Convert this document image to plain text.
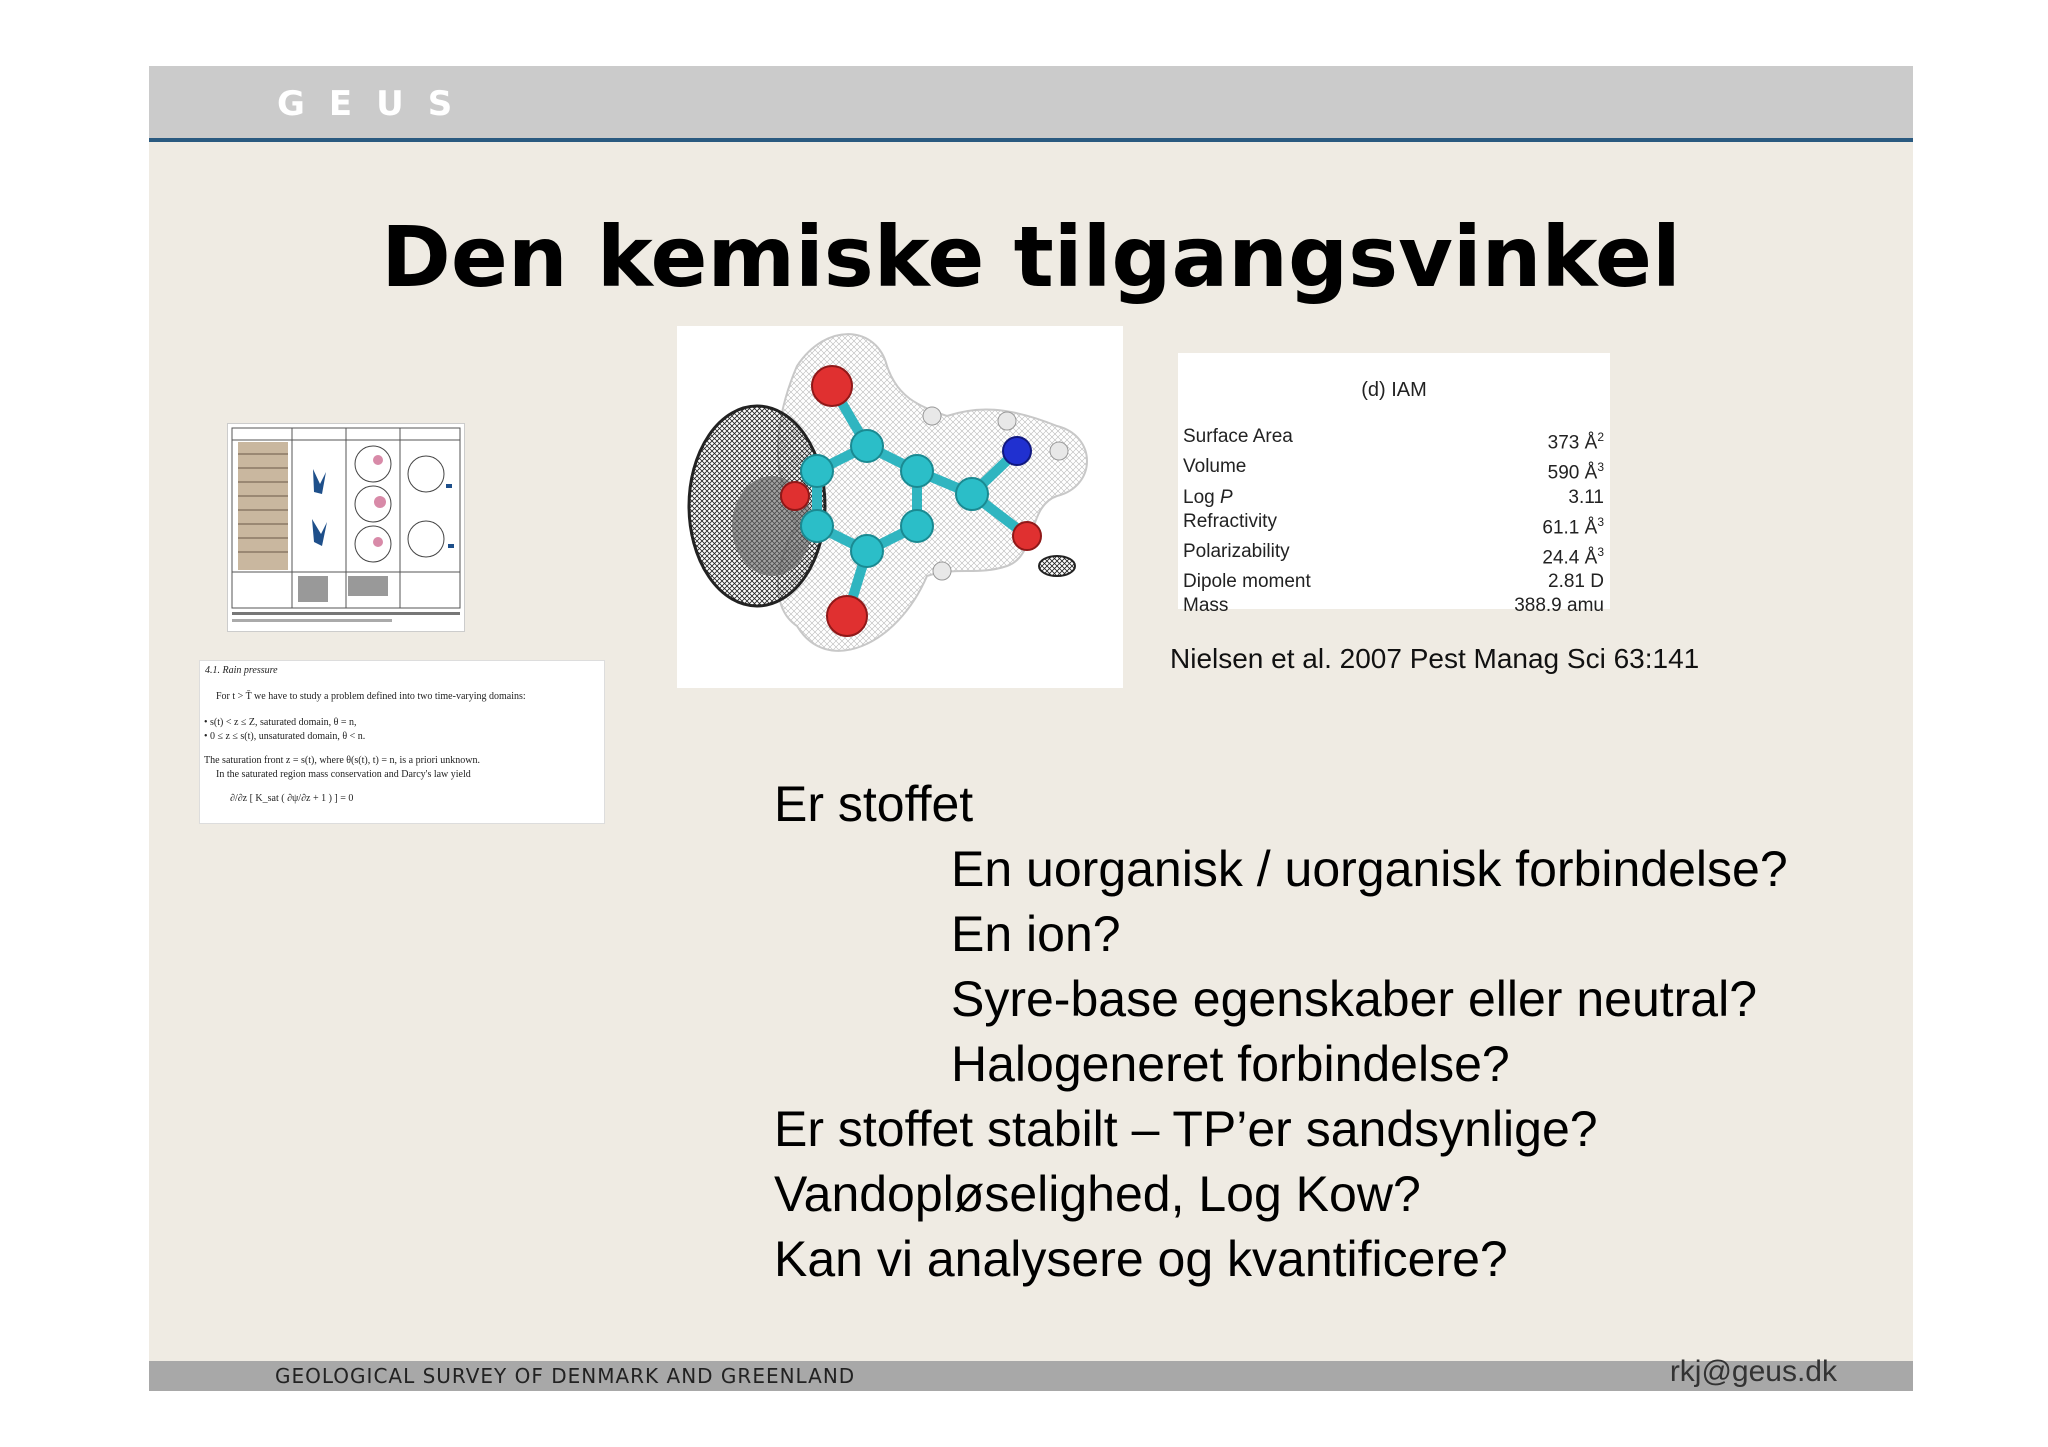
GEUS
Den kemiske tilgangsvinkel
4.1. Rain pressure
For t > T̄ we have to study a problem defined into two time-varying domains:
• s(t) < z ≤ Z, saturated domain, θ = n,
• 0 ≤ z ≤ s(t), unsaturated domain, θ < n.
The saturation front z = s(t), where θ(s(t), t) = n, is a priori unknown.
In the saturated region mass conservation and Darcy's law yield
∂/∂z [ K_sat ( ∂ψ/∂z + 1 ) ] = 0
(d) IAM
Surface Area	373 $Å^2$
Volume	590 $Å^3$
Log P	3.11
Refractivity	61.1 $Å^3$
Polarizability	24.4 $Å^3$
Dipole moment	2.81 D
Mass	388.9 amu
Nielsen et al. 2007 Pest Manag Sci 63:141
Er stoffet
En uorganisk / uorganisk forbindelse?
En ion?
Syre-base egenskaber eller neutral?
Halogeneret forbindelse?
Er stoffet stabilt – TP’er sandsynlige?
Vandopløselighed, Log Kow?
Kan vi analysere og kvantificere?
GEOLOGICAL SURVEY OF DENMARK AND GREENLAND	rkj@geus.dk
